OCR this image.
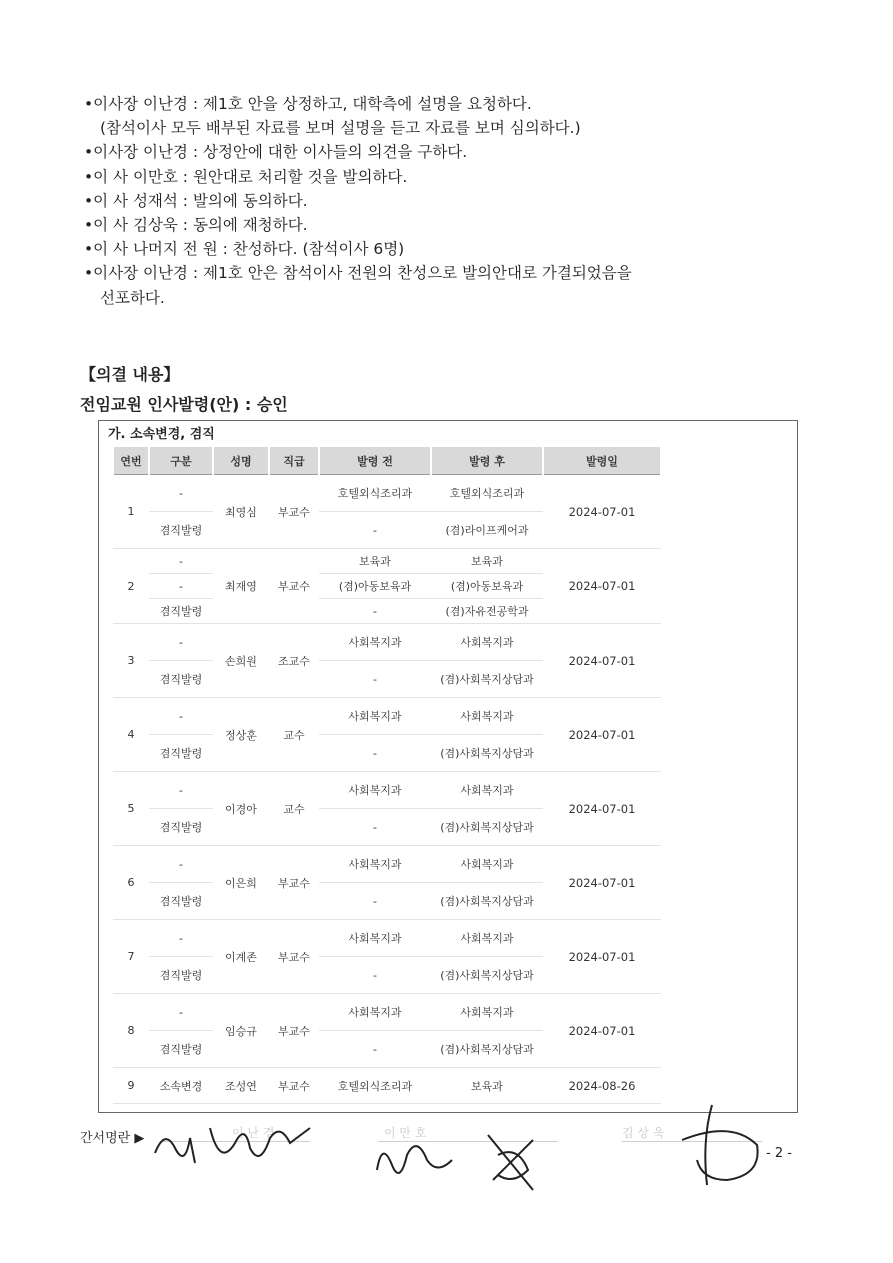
•이사장 이난경 : 제1호 안을 상정하고, 대학측에 설명을 요청하다.
(참석이사 모두 배부된 자료를 보며 설명을 듣고 자료를 보며 심의하다.)
•이사장 이난경 : 상정안에 대한 이사들의 의견을 구하다.
•이 사 이만호 : 원안대로 처리할 것을 발의하다.
•이 사 성재석 : 발의에 동의하다.
•이 사 김상욱 : 동의에 재청하다.
•이 사 나머지 전 원 : 찬성하다. (참석이사 6명)
•이사장 이난경 : 제1호 안은 참석이사 전원의 찬성으로 발의안대로 가결되었음을
선포하다.
【의결 내용】
전임교원 인사발령(안) : 승인
가. 소속변경, 겸직
연번	구분	성명	직급	발령 전	발령 후	발령일
1	-	최영심	부교수	호텔외식조리과	호텔외식조리과	2024-07-01
	겸직발령			-	(겸)라이프케어과	
2	-	최재영	부교수	보육과	보육과	2024-07-01
	-			(겸)아동보육과	(겸)아동보육과	
	겸직발령			-	(겸)자유전공학과	
3	-	손희원	조교수	사회복지과	사회복지과	2024-07-01
	겸직발령			-	(겸)사회복지상담과	
4	-	정상훈	교수	사회복지과	사회복지과	2024-07-01
	겸직발령			-	(겸)사회복지상담과	
5	-	이경아	교수	사회복지과	사회복지과	2024-07-01
	겸직발령			-	(겸)사회복지상담과	
6	-	이은희	부교수	사회복지과	사회복지과	2024-07-01
	겸직발령			-	(겸)사회복지상담과	
7	-	이계존	부교수	사회복지과	사회복지과	2024-07-01
	겸직발령			-	(겸)사회복지상담과	
8	-	임승규	부교수	사회복지과	사회복지과	2024-07-01
	겸직발령			-	(겸)사회복지상담과	
9	소속변경	조성연	부교수	호텔외식조리과	보육과	2024-08-26
간서명란 ▶	이 난 경	이 만 호	김 상 욱
- 2 -
